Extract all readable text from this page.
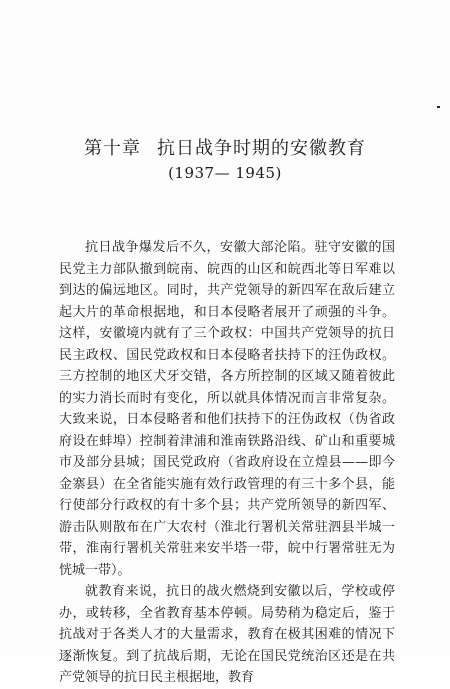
第十章 抗日战争时期的安徽教育
(1937— 1945)

抗日战争爆发后不久，安徽大部沦陷。驻守安徽的国民党主力部队撤到皖南、皖西的山区和皖西北等日军难以到达的偏远地区。同时，共产党领导的新四军在敌后建立起大片的革命根据地，和日本侵略者展开了顽强的斗争。这样，安徽境内就有了三个政权：中国共产党领导的抗日民主政权、国民党政权和日本侵略者扶持下的汪伪政权。三方控制的地区犬牙交错，各方所控制的区域又随着彼此的实力消长而时有变化，所以就具体情况而言非常复杂。大致来说，日本侵略者和他们扶持下的汪伪政权（伪省政府设在蚌埠）控制着津浦和淮南铁路沿线、矿山和重要城市及部分县城；国民党政府（省政府设在立煌县——即今金寨县）在全省能实施有效行政管理的有三十多个县，能行使部分行政权的有十多个县；共产党所领导的新四军、游击队则散布在广大农村（淮北行署机关常驻泗县半城一带，淮南行署机关常驻来安半塔一带，皖中行署常驻无为恍城一带）。

就教育来说，抗日的战火燃烧到安徽以后，学校或停办，或转移，全省教育基本停顿。局势稍为稳定后，鉴于抗战对于各类人才的大量需求，教育在极其困难的情况下逐渐恢复。到了抗战后期，无论在国民党统治区还是在共产党领导的抗日民主根据地，教育
